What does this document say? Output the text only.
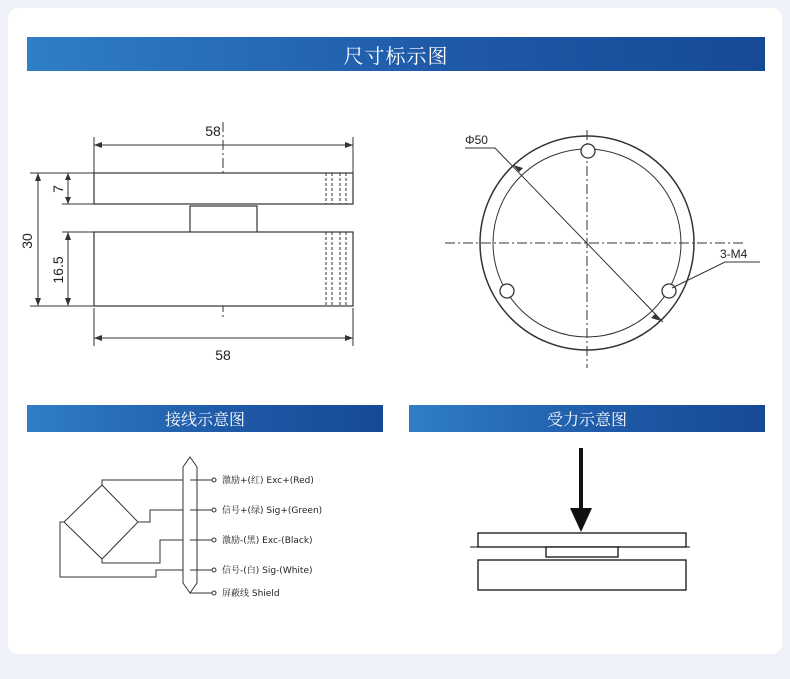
尺寸标示图
58
58
30
7
16.5
Φ50
3-M4
接线示意图	受力示意图
激励+(红) Exc+(Red)
信号+(绿) Sig+(Green)
激励-(黑) Exc-(Black)
信号-(白) Sig-(White)
屏蔽线 Shield
